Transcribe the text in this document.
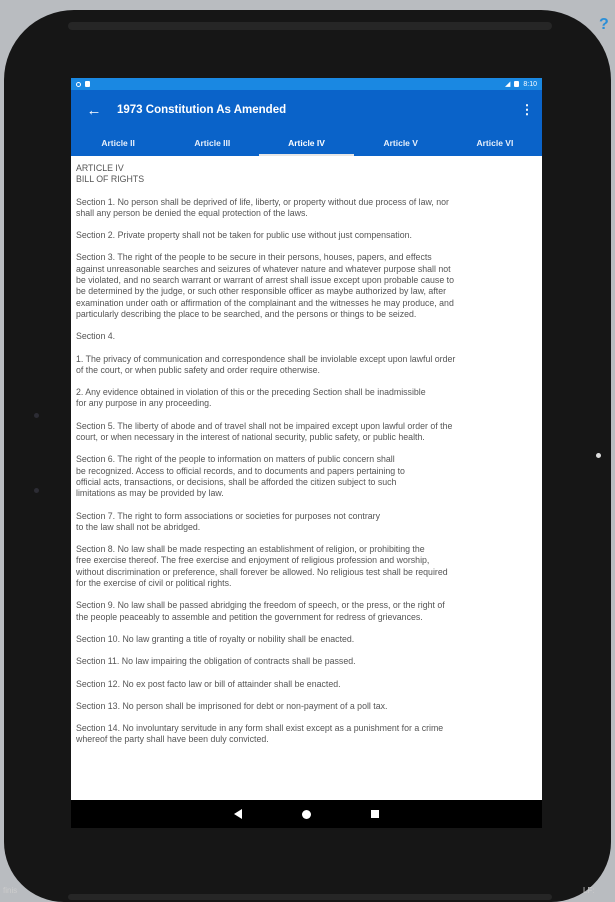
?
finis	LF:
◢ 8:10
←	1973 Constitution As Amended	⋮
Article II	Article III	Article IV	Article V	Article VI

ARTICLE IV
BILL OF RIGHTS

Section 1. No person shall be deprived of life, liberty, or property without due process of law, nor
shall any person be denied the equal protection of the laws.

Section 2. Private property shall not be taken for public use without just compensation.

Section 3. The right of the people to be secure in their persons, houses, papers, and effects
against unreasonable searches and seizures of whatever nature and whatever purpose shall not
be violated, and no search warrant or warrant of arrest shall issue except upon probable cause to
be determined by the judge, or such other responsible officer as maybe authorized by law, after
examination under oath or affirmation of the complainant and the witnesses he may produce, and
particularly describing the place to be searched, and the persons or things to be seized.

Section 4.

1. The privacy of communication and correspondence shall be inviolable except upon lawful order
of the court, or when public safety and order require otherwise.

2. Any evidence obtained in violation of this or the preceding Section shall be inadmissible
for any purpose in any proceeding.

Section 5. The liberty of abode and of travel shall not be impaired except upon lawful order of the
court, or when necessary in the interest of national security, public safety, or public health.

Section 6. The right of the people to information on matters of public concern shall
be recognized. Access to official records, and to documents and papers pertaining to
official acts, transactions, or decisions, shall be afforded the citizen subject to such
limitations as may be provided by law.

Section 7. The right to form associations or societies for purposes not contrary
to the law shall not be abridged.

Section 8. No law shall be made respecting an establishment of religion, or prohibiting the
free exercise thereof. The free exercise and enjoyment of religious profession and worship,
without discrimination or preference, shall forever be allowed. No religious test shall be required
for the exercise of civil or political rights.

Section 9. No law shall be passed abridging the freedom of speech, or the press, or the right of
the people peaceably to assemble and petition the government for redress of grievances.

Section 10. No law granting a title of royalty or nobility shall be enacted.

Section 11. No law impairing the obligation of contracts shall be passed.

Section 12. No ex post facto law or bill of attainder shall be enacted.

Section 13. No person shall be imprisoned for debt or non-payment of a poll tax.

Section 14. No involuntary servitude in any form shall exist except as a punishment for a crime
whereof the party shall have been duly convicted.
